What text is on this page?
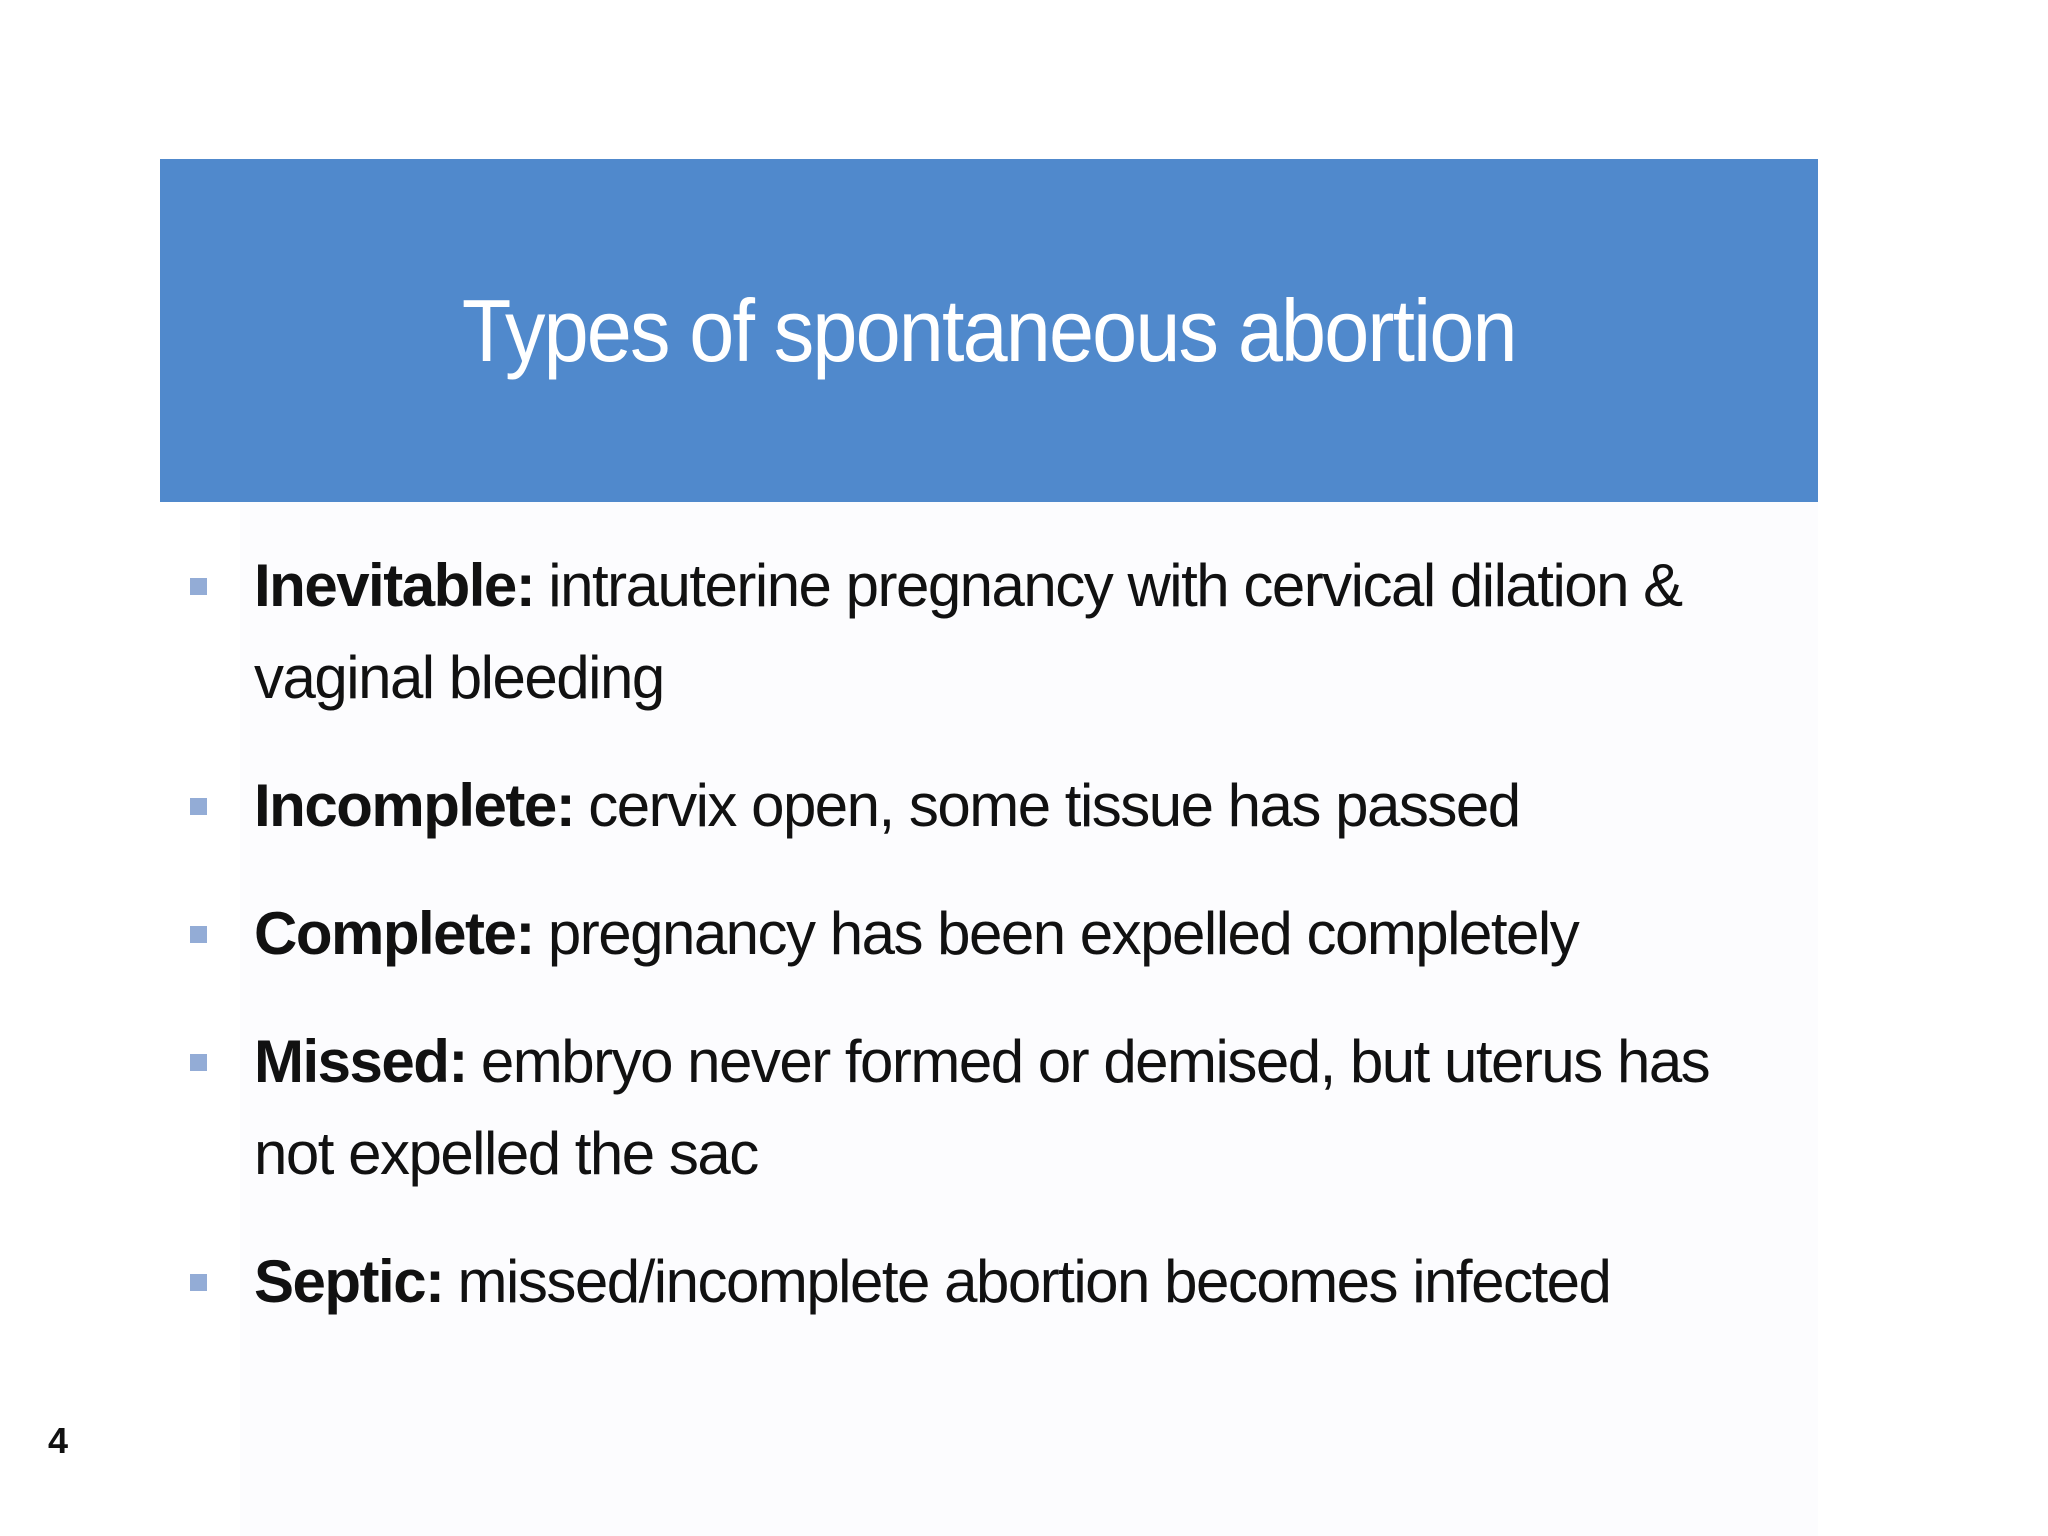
Types of spontaneous abortion
Inevitable: intrauterine pregnancy with cervical dilation & vaginal bleeding
Incomplete: cervix open, some tissue has passed
Complete: pregnancy has been expelled completely
Missed: embryo never formed or demised, but uterus has not expelled the sac
Septic: missed/incomplete abortion becomes infected
4
